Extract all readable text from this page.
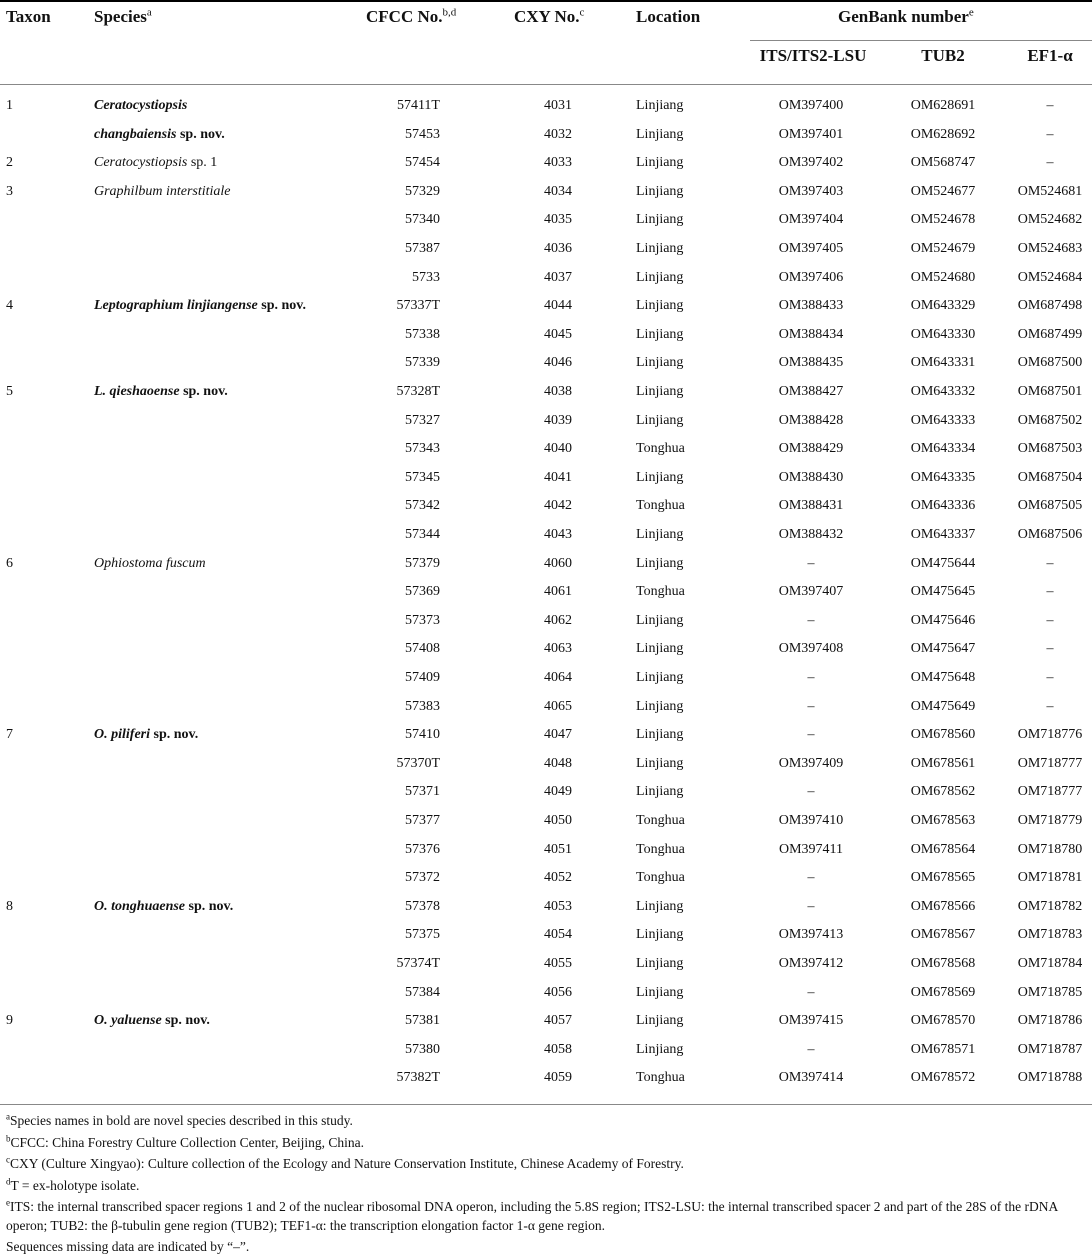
Taxon	Species$^a$	CFCC No.$^{b,d}$	CXY No.$^c$	Location	GenBank number$^e$
ITS/ITS2-LSU	TUB2	EF1-α
1	Ceratocystiopsis	57411T	4031	Linjiang	OM397400	OM628691	–
changbaiensis sp. nov.	57453	4032	Linjiang	OM397401	OM628692	–
2	Ceratocystiopsis sp. 1	57454	4033	Linjiang	OM397402	OM568747	–
3	Graphilbum interstitiale	57329	4034	Linjiang	OM397403	OM524677	OM524681
57340	4035	Linjiang	OM397404	OM524678	OM524682
57387	4036	Linjiang	OM397405	OM524679	OM524683
5733	4037	Linjiang	OM397406	OM524680	OM524684
4	Leptographium linjiangense sp. nov.	57337T	4044	Linjiang	OM388433	OM643329	OM687498
57338	4045	Linjiang	OM388434	OM643330	OM687499
57339	4046	Linjiang	OM388435	OM643331	OM687500
5	L. qieshaoense sp. nov.	57328T	4038	Linjiang	OM388427	OM643332	OM687501
57327	4039	Linjiang	OM388428	OM643333	OM687502
57343	4040	Tonghua	OM388429	OM643334	OM687503
57345	4041	Linjiang	OM388430	OM643335	OM687504
57342	4042	Tonghua	OM388431	OM643336	OM687505
57344	4043	Linjiang	OM388432	OM643337	OM687506
6	Ophiostoma fuscum	57379	4060	Linjiang	–	OM475644	–
57369	4061	Tonghua	OM397407	OM475645	–
57373	4062	Linjiang	–	OM475646	–
57408	4063	Linjiang	OM397408	OM475647	–
57409	4064	Linjiang	–	OM475648	–
57383	4065	Linjiang	–	OM475649	–
7	O. piliferi sp. nov.	57410	4047	Linjiang	–	OM678560	OM718776
57370T	4048	Linjiang	OM397409	OM678561	OM718777
57371	4049	Linjiang	–	OM678562	OM718777
57377	4050	Tonghua	OM397410	OM678563	OM718779
57376	4051	Tonghua	OM397411	OM678564	OM718780
57372	4052	Tonghua	–	OM678565	OM718781
8	O. tonghuaense sp. nov.	57378	4053	Linjiang	–	OM678566	OM718782
57375	4054	Linjiang	OM397413	OM678567	OM718783
57374T	4055	Linjiang	OM397412	OM678568	OM718784
57384	4056	Linjiang	–	OM678569	OM718785
9	O. yaluense sp. nov.	57381	4057	Linjiang	OM397415	OM678570	OM718786
57380	4058	Linjiang	–	OM678571	OM718787
57382T	4059	Tonghua	OM397414	OM678572	OM718788
$^a$Species names in bold are novel species described in this study.
$^b$CFCC: China Forestry Culture Collection Center, Beijing, China.
$^c$CXY (Culture Xingyao): Culture collection of the Ecology and Nature Conservation Institute, Chinese Academy of Forestry.
$^d$T = ex-holotype isolate.
$^e$ITS: the internal transcribed spacer regions 1 and 2 of the nuclear ribosomal DNA operon, including the 5.8S region; ITS2-LSU: the internal transcribed spacer 2 and part of the 28S of the rDNA operon; TUB2: the β-tubulin gene region (TUB2); TEF1-α: the transcription elongation factor 1-α gene region.
Sequences missing data are indicated by “–”.
